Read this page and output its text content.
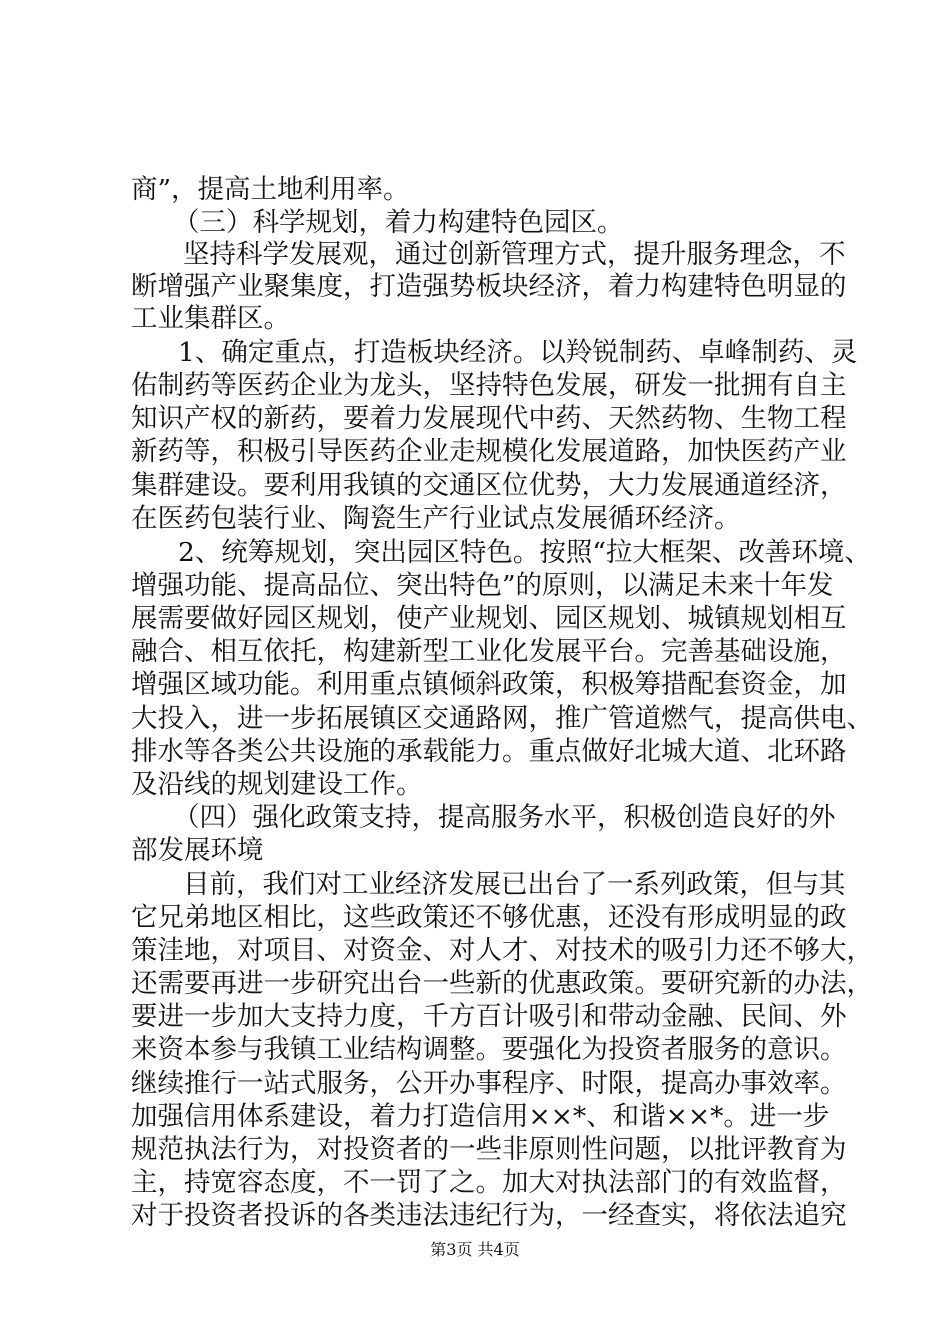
商”，提高土地利用率。
（三）科学规划，着力构建特色园区。
坚持科学发展观，通过创新管理方式，提升服务理念，不
断增强产业聚集度，打造强势板块经济，着力构建特色明显的
工业集群区。
1、确定重点，打造板块经济。以羚锐制药、卓峰制药、灵
佑制药等医药企业为龙头，坚持特色发展，研发一批拥有自主
知识产权的新药，要着力发展现代中药、天然药物、生物工程
新药等，积极引导医药企业走规模化发展道路，加快医药产业
集群建设。要利用我镇的交通区位优势，大力发展通道经济，
在医药包装行业、陶瓷生产行业试点发展循环经济。
2、统筹规划，突出园区特色。按照“拉大框架、改善环境、
增强功能、提高品位、突出特色”的原则，以满足未来十年发
展需要做好园区规划，使产业规划、园区规划、城镇规划相互
融合、相互依托，构建新型工业化发展平台。完善基础设施，
增强区域功能。利用重点镇倾斜政策，积极筹措配套资金，加
大投入，进一步拓展镇区交通路网，推广管道燃气，提高供电、
排水等各类公共设施的承载能力。重点做好北城大道、北环路
及沿线的规划建设工作。
（四）强化政策支持，提高服务水平，积极创造良好的外
部发展环境
目前，我们对工业经济发展已出台了一系列政策，但与其
它兄弟地区相比，这些政策还不够优惠，还没有形成明显的政
策洼地，对项目、对资金、对人才、对技术的吸引力还不够大，
还需要再进一步研究出台一些新的优惠政策。要研究新的办法，
要进一步加大支持力度，千方百计吸引和带动金融、民间、外
来资本参与我镇工业结构调整。要强化为投资者服务的意识。
继续推行一站式服务，公开办事程序、时限，提高办事效率。
加强信用体系建设，着力打造信用××*、和谐××*。进一步
规范执法行为，对投资者的一些非原则性问题，以批评教育为
主，持宽容态度，不一罚了之。加大对执法部门的有效监督，
对于投资者投诉的各类违法违纪行为，一经查实，将依法追究
第3页 共4页
